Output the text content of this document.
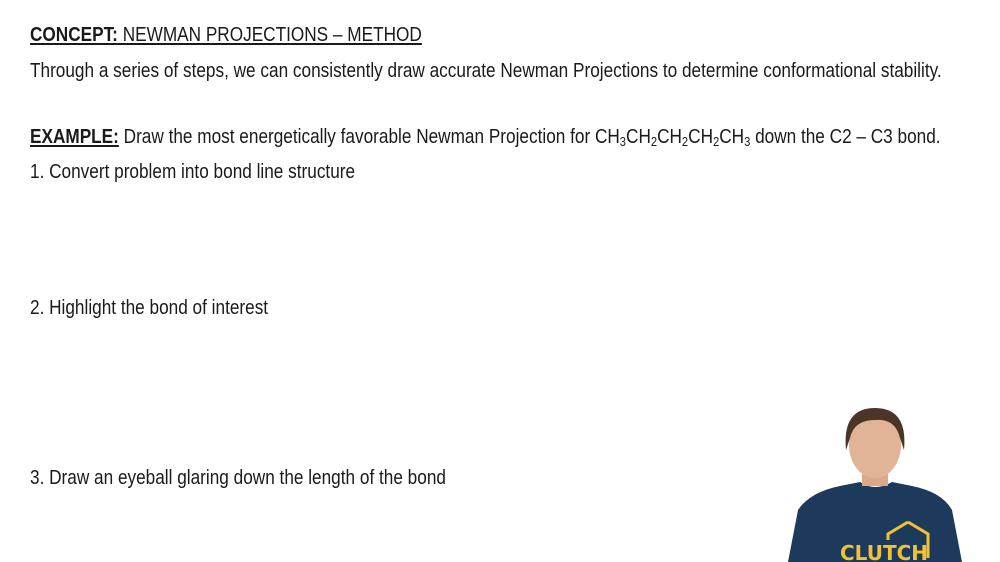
CONCEPT: NEWMAN PROJECTIONS – METHOD
Through a series of steps, we can consistently draw accurate Newman Projections to determine conformational stability.
EXAMPLE: Draw the most energetically favorable Newman Projection for $CH_3CH_2CH_2CH_2CH_3$ down the C2 – C3 bond.
1. Convert problem into bond line structure
2. Highlight the bond of interest
3. Draw an eyeball glaring down the length of the bond
CLUTCH
